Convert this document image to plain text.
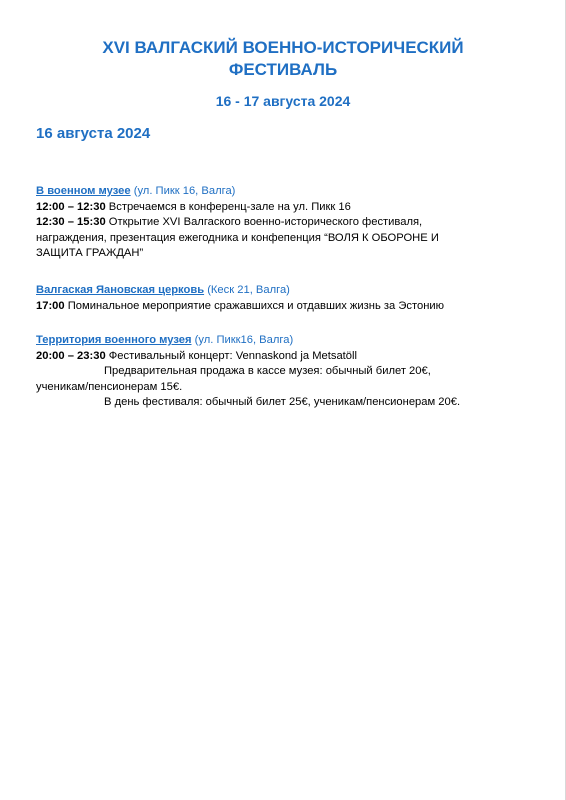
XVI ВАЛГАСКИЙ ВОЕННО-ИСТОРИЧЕСКИЙ
ФЕСТИВАЛЬ
16 - 17 августа 2024
16 августа 2024
В военном музее (ул. Пикк 16, Валга)

12:00 – 12:30 Встречаемся в конференц-зале на ул. Пикк 16

12:30 – 15:30 Открытие XVI Валгаского военно-исторического фестиваля,
награждения, презентация ежегодника и конфепенция “ВОЛЯ К ОБОРОНЕ И
ЗАЩИТА ГРАЖДАН”

Валгаская Яановская церковь (Кеск 21, Валга)

17:00 Поминальное мероприятие сражавшихся и отдавших жизнь за Эстонию

Территория военного музея (ул. Пикк16, Валга)

20:00 – 23:30 Фестивальный концерт: Vennaskond ja Metsatöll

Предварительная продажа в кассе музея: обычный билет 20€,
ученикам/пенсионерам 15€.

В день фестиваля: обычный билет 25€, ученикам/пенсионерам 20€.
